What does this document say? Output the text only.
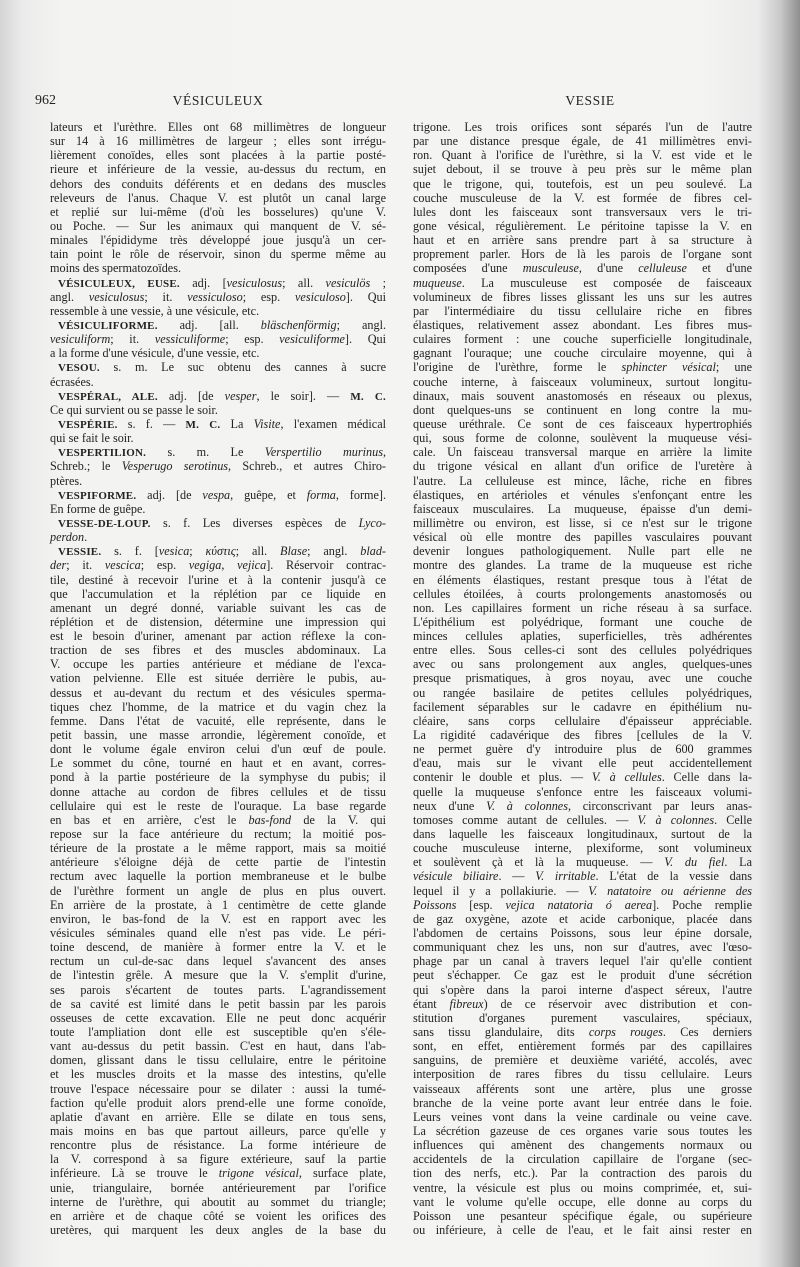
962	VÉSICULEUX	VESSIE
lateurs et l'urèthre. Elles ont 68 millimètres de longueur
sur 14 à 16 millimètres de largeur ; elles sont irrégu-
lièrement conoïdes, elles sont placées à la partie posté-
rieure et inférieure de la vessie, au-dessus du rectum, en
dehors des conduits déférents et en dedans des muscles
releveurs de l'anus. Chaque V. est plutôt un canal large
et replié sur lui-même (d'où les bosselures) qu'une V.
ou Poche. — Sur les animaux qui manquent de V. sé-
minales l'épididyme très développé joue jusqu'à un cer-
tain point le rôle de réservoir, sinon du sperme même au
moins des spermatozoïdes.
VÉSICULEUX, EUSE. adj. [vesiculosus; all. vesiculös ;
angl. vesiculosus; it. vessiculoso; esp. vesiculoso]. Qui
ressemble à une vessie, à une vésicule, etc.
VÉSICULIFORME. adj. [all. bläschenförmig; angl.
vesiculiform; it. vessiculiforme; esp. vesiculiforme]. Qui
a la forme d'une vésicule, d'une vessie, etc.
VESOU. s. m. Le suc obtenu des cannes à sucre
écrasées.
VESPÉRAL, ALE. adj. [de vesper, le soir]. — M. C.
Ce qui survient ou se passe le soir.
VESPÉRIE. s. f. — M. C. La Visite, l'examen médical
qui se fait le soir.
VESPERTILION. s. m. Le Verspertilio murinus,
Schreb.; le Vesperugo serotinus, Schreb., et autres Chiro-
ptères.
VESPIFORME. adj. [de vespa, guêpe, et forma, forme].
En forme de guêpe.
VESSE-DE-LOUP. s. f. Les diverses espèces de Lyco-
perdon.
VESSIE. s. f. [vesica; κύστις; all. Blase; angl. blad-
der; it. vescica; esp. vegiga, vejica]. Réservoir contrac-
tile, destiné à recevoir l'urine et à la contenir jusqu'à ce
que l'accumulation et la réplétion par ce liquide en
amenant un degré donné, variable suivant les cas de
réplétion et de distension, détermine une impression qui
est le besoin d'uriner, amenant par action réflexe la con-
traction de ses fibres et des muscles abdominaux. La
V. occupe les parties antérieure et médiane de l'exca-
vation pelvienne. Elle est située derrière le pubis, au-
dessus et au-devant du rectum et des vésicules sperma-
tiques chez l'homme, de la matrice et du vagin chez la
femme. Dans l'état de vacuité, elle représente, dans le
petit bassin, une masse arrondie, légèrement conoïde, et
dont le volume égale environ celui d'un œuf de poule.
Le sommet du cône, tourné en haut et en avant, corres-
pond à la partie postérieure de la symphyse du pubis; il
donne attache au cordon de fibres cellules et de tissu
cellulaire qui est le reste de l'ouraque. La base regarde
en bas et en arrière, c'est le bas-fond de la V. qui
repose sur la face antérieure du rectum; la moitié pos-
térieure de la prostate a le même rapport, mais sa moitié
antérieure s'éloigne déjà de cette partie de l'intestin
rectum avec laquelle la portion membraneuse et le bulbe
de l'urèthre forment un angle de plus en plus ouvert.
En arrière de la prostate, à 1 centimètre de cette glande
environ, le bas-fond de la V. est en rapport avec les
vésicules séminales quand elle n'est pas vide. Le péri-
toine descend, de manière à former entre la V. et le
rectum un cul-de-sac dans lequel s'avancent des anses
de l'intestin grêle. A mesure que la V. s'emplit d'urine,
ses parois s'écartent de toutes parts. L'agrandissement
de sa cavité est limité dans le petit bassin par les parois
osseuses de cette excavation. Elle ne peut donc acquérir
toute l'ampliation dont elle est susceptible qu'en s'éle-
vant au-dessus du petit bassin. C'est en haut, dans l'ab-
domen, glissant dans le tissu cellulaire, entre le péritoine
et les muscles droits et la masse des intestins, qu'elle
trouve l'espace nécessaire pour se dilater : aussi la tumé-
faction qu'elle produit alors prend-elle une forme conoïde,
aplatie d'avant en arrière. Elle se dilate en tous sens,
mais moins en bas que partout ailleurs, parce qu'elle y
rencontre plus de résistance. La forme intérieure de
la V. correspond à sa figure extérieure, sauf la partie
inférieure. Là se trouve le trigone vésical, surface plate,
unie, triangulaire, bornée antérieurement par l'orifice
interne de l'urèthre, qui aboutit au sommet du triangle;
en arrière et de chaque côté se voient les orifices des
uretères, qui marquent les deux angles de la base du
trigone. Les trois orifices sont séparés l'un de l'autre
par une distance presque égale, de 41 millimètres envi-
ron. Quant à l'orifice de l'urèthre, si la V. est vide et le
sujet debout, il se trouve à peu près sur le même plan
que le trigone, qui, toutefois, est un peu soulevé. La
couche musculeuse de la V. est formée de fibres cel-
lules dont les faisceaux sont transversaux vers le tri-
gone vésical, régulièrement. Le péritoine tapisse la V. en
haut et en arrière sans prendre part à sa structure à
proprement parler. Hors de là les parois de l'organe sont
composées d'une musculeuse, d'une celluleuse et d'une
muqueuse. La musculeuse est composée de faisceaux
volumineux de fibres lisses glissant les uns sur les autres
par l'intermédiaire du tissu cellulaire riche en fibres
élastiques, relativement assez abondant. Les fibres mus-
culaires forment : une couche superficielle longitudinale,
gagnant l'ouraque; une couche circulaire moyenne, qui à
l'origine de l'urèthre, forme le sphincter vésical; une
couche interne, à faisceaux volumineux, surtout longitu-
dinaux, mais souvent anastomosés en réseaux ou plexus,
dont quelques-uns se continuent en long contre la mu-
queuse uréthrale. Ce sont de ces faisceaux hypertrophiés
qui, sous forme de colonne, soulèvent la muqueuse vési-
cale. Un faisceau transversal marque en arrière la limite
du trigone vésical en allant d'un orifice de l'uretère à
l'autre. La celluleuse est mince, lâche, riche en fibres
élastiques, en artérioles et vénules s'enfonçant entre les
faisceaux musculaires. La muqueuse, épaisse d'un demi-
millimètre ou environ, est lisse, si ce n'est sur le trigone
vésical où elle montre des papilles vasculaires pouvant
devenir longues pathologiquement. Nulle part elle ne
montre des glandes. La trame de la muqueuse est riche
en éléments élastiques, restant presque tous à l'état de
cellules étoilées, à courts prolongements anastomosés ou
non. Les capillaires forment un riche réseau à sa surface.
L'épithélium est polyédrique, formant une couche de
minces cellules aplaties, superficielles, très adhérentes
entre elles. Sous celles-ci sont des cellules polyédriques
avec ou sans prolongement aux angles, quelques-unes
presque prismatiques, à gros noyau, avec une couche
ou rangée basilaire de petites cellules polyédriques,
facilement séparables sur le cadavre en épithélium nu-
cléaire, sans corps cellulaire d'épaisseur appréciable.
La rigidité cadavérique des fibres [cellules de la V.
ne permet guère d'y introduire plus de 600 grammes
d'eau, mais sur le vivant elle peut accidentellement
contenir le double et plus. — V. à cellules. Celle dans la-
quelle la muqueuse s'enfonce entre les faisceaux volumi-
neux d'une V. à colonnes, circonscrivant par leurs anas-
tomoses comme autant de cellules. — V. à colonnes. Celle
dans laquelle les faisceaux longitudinaux, surtout de la
couche musculeuse interne, plexiforme, sont volumineux
et soulèvent çà et là la muqueuse. — V. du fiel. La
vésicule biliaire. — V. irritable. L'état de la vessie dans
lequel il y a pollakiurie. — V. natatoire ou aérienne des
Poissons [esp. vejica natatoria ó aerea]. Poche remplie
de gaz oxygène, azote et acide carbonique, placée dans
l'abdomen de certains Poissons, sous leur épine dorsale,
communiquant chez les uns, non sur d'autres, avec l'œso-
phage par un canal à travers lequel l'air qu'elle contient
peut s'échapper. Ce gaz est le produit d'une sécrétion
qui s'opère dans la paroi interne d'aspect séreux, l'autre
étant fibreux) de ce réservoir avec distribution et con-
stitution d'organes purement vasculaires, spéciaux,
sans tissu glandulaire, dits corps rouges. Ces derniers
sont, en effet, entièrement formés par des capillaires
sanguins, de première et deuxième variété, accolés, avec
interposition de rares fibres du tissu cellulaire. Leurs
vaisseaux afférents sont une artère, plus une grosse
branche de la veine porte avant leur entrée dans le foie.
Leurs veines vont dans la veine cardinale ou veine cave.
La sécrétion gazeuse de ces organes varie sous toutes les
influences qui amènent des changements normaux ou
accidentels de la circulation capillaire de l'organe (sec-
tion des nerfs, etc.). Par la contraction des parois du
ventre, la vésicule est plus ou moins comprimée, et, sui-
vant le volume qu'elle occupe, elle donne au corps du
Poisson une pesanteur spécifique égale, ou supérieure
ou inférieure, à celle de l'eau, et le fait ainsi rester en
